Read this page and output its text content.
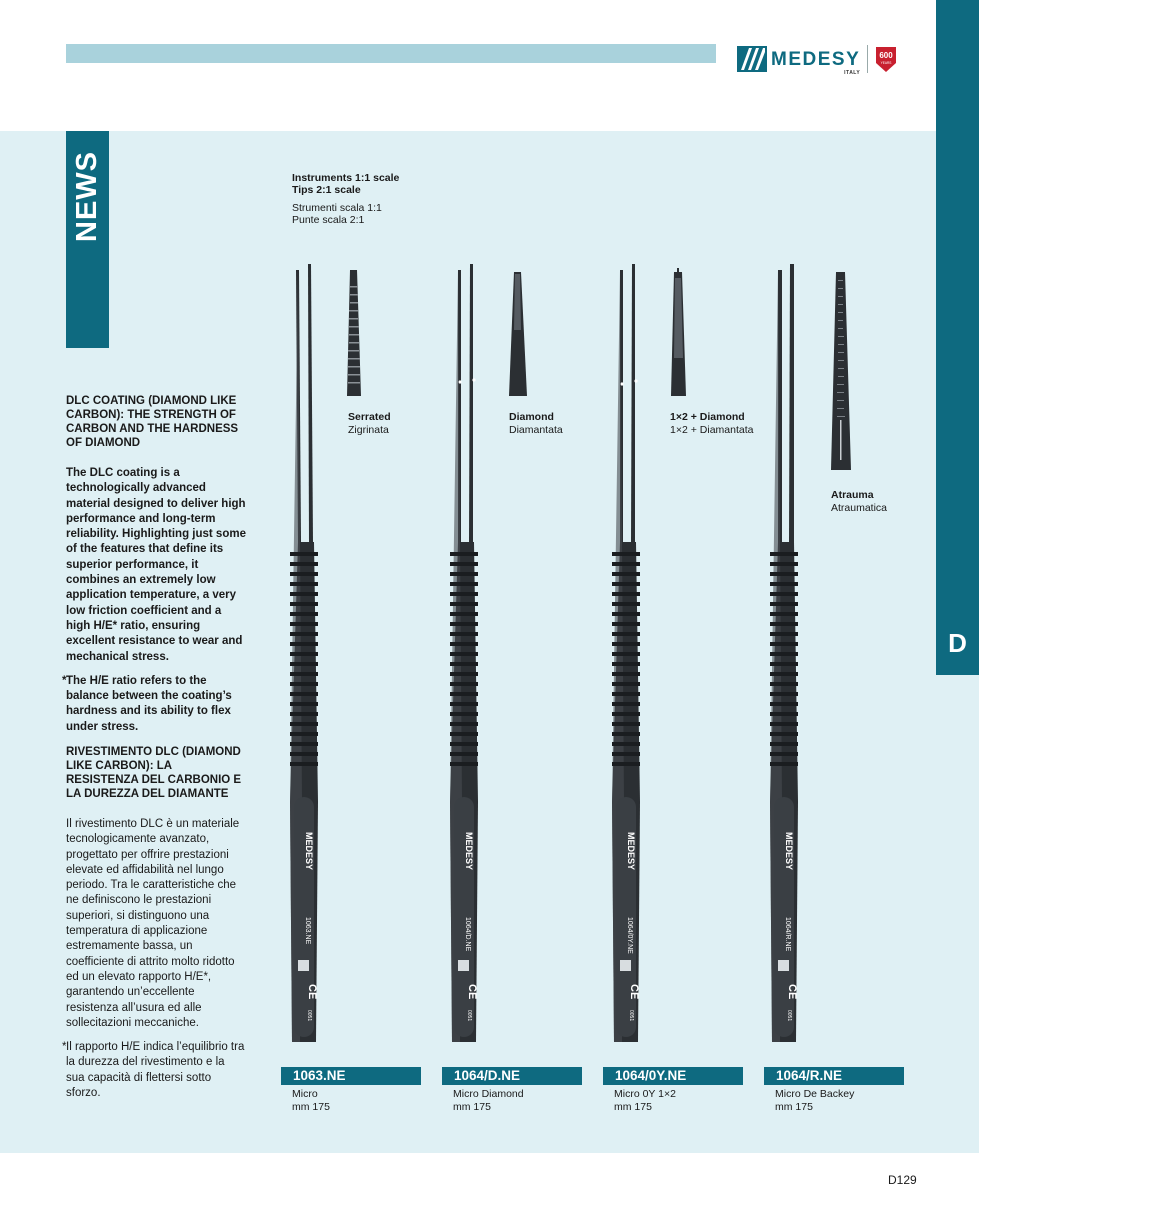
MEDESY
ITALY
600
YEARS	SURGICAL — CHIRURGIA
D
NEWS
DLC COATING (DIAMOND LIKE CARBON): THE STRENGTH OF CARBON AND THE HARDNESS OF DIAMOND
The DLC coating is a technologically advanced material designed to deliver high performance and long-term reliability. Highlighting just some of the features that define its superior performance, it combines an extremely low application temperature, a very low friction coefficient and a high H/E* ratio, ensuring excellent resistance to wear and mechanical stress.
* The H/E ratio refers to the balance between the coating’s hardness and its ability to flex under stress.
RIVESTIMENTO DLC (DIAMOND LIKE CARBON): LA RESISTENZA DEL CARBONIO E LA DUREZZA DEL DIAMANTE
Il rivestimento DLC è un materiale tecnologicamente avanzato, progettato per offrire prestazioni elevate ed affidabilità nel lungo periodo. Tra le caratteristiche che ne definiscono le prestazioni superiori, si distinguono una temperatura di applicazione estremamente bassa, un coefficiente di attrito molto ridotto ed un elevato rapporto H/E*, garantendo un’eccellente resistenza all’usura ed alle sollecitazioni meccaniche.
* Il rapporto H/E indica l’equilibrio tra la durezza del rivestimento e la sua capacità di flettersi sotto sforzo.
Instruments 1:1 scale
Tips 2:1 scale
Strumenti scala 1:1
Punte scala 2:1
MEDESY
1063.NE
CE
0051
MEDESY
1064/D.NE
CE
0051
MEDESY
1064/0Y.NE
CE
0051
MEDESY
1064/R.NE
CE
0051
Serrated
Zigrinata
Diamond
Diamantata
1×2 + Diamond
1×2 + Diamantata
Atrauma
Atraumatica
1063.NE
Micro
mm 175
1064/D.NE
Micro Diamond
mm 175
1064/0Y.NE
Micro 0Y 1×2
mm 175
1064/R.NE
Micro De Backey
mm 175
D129
